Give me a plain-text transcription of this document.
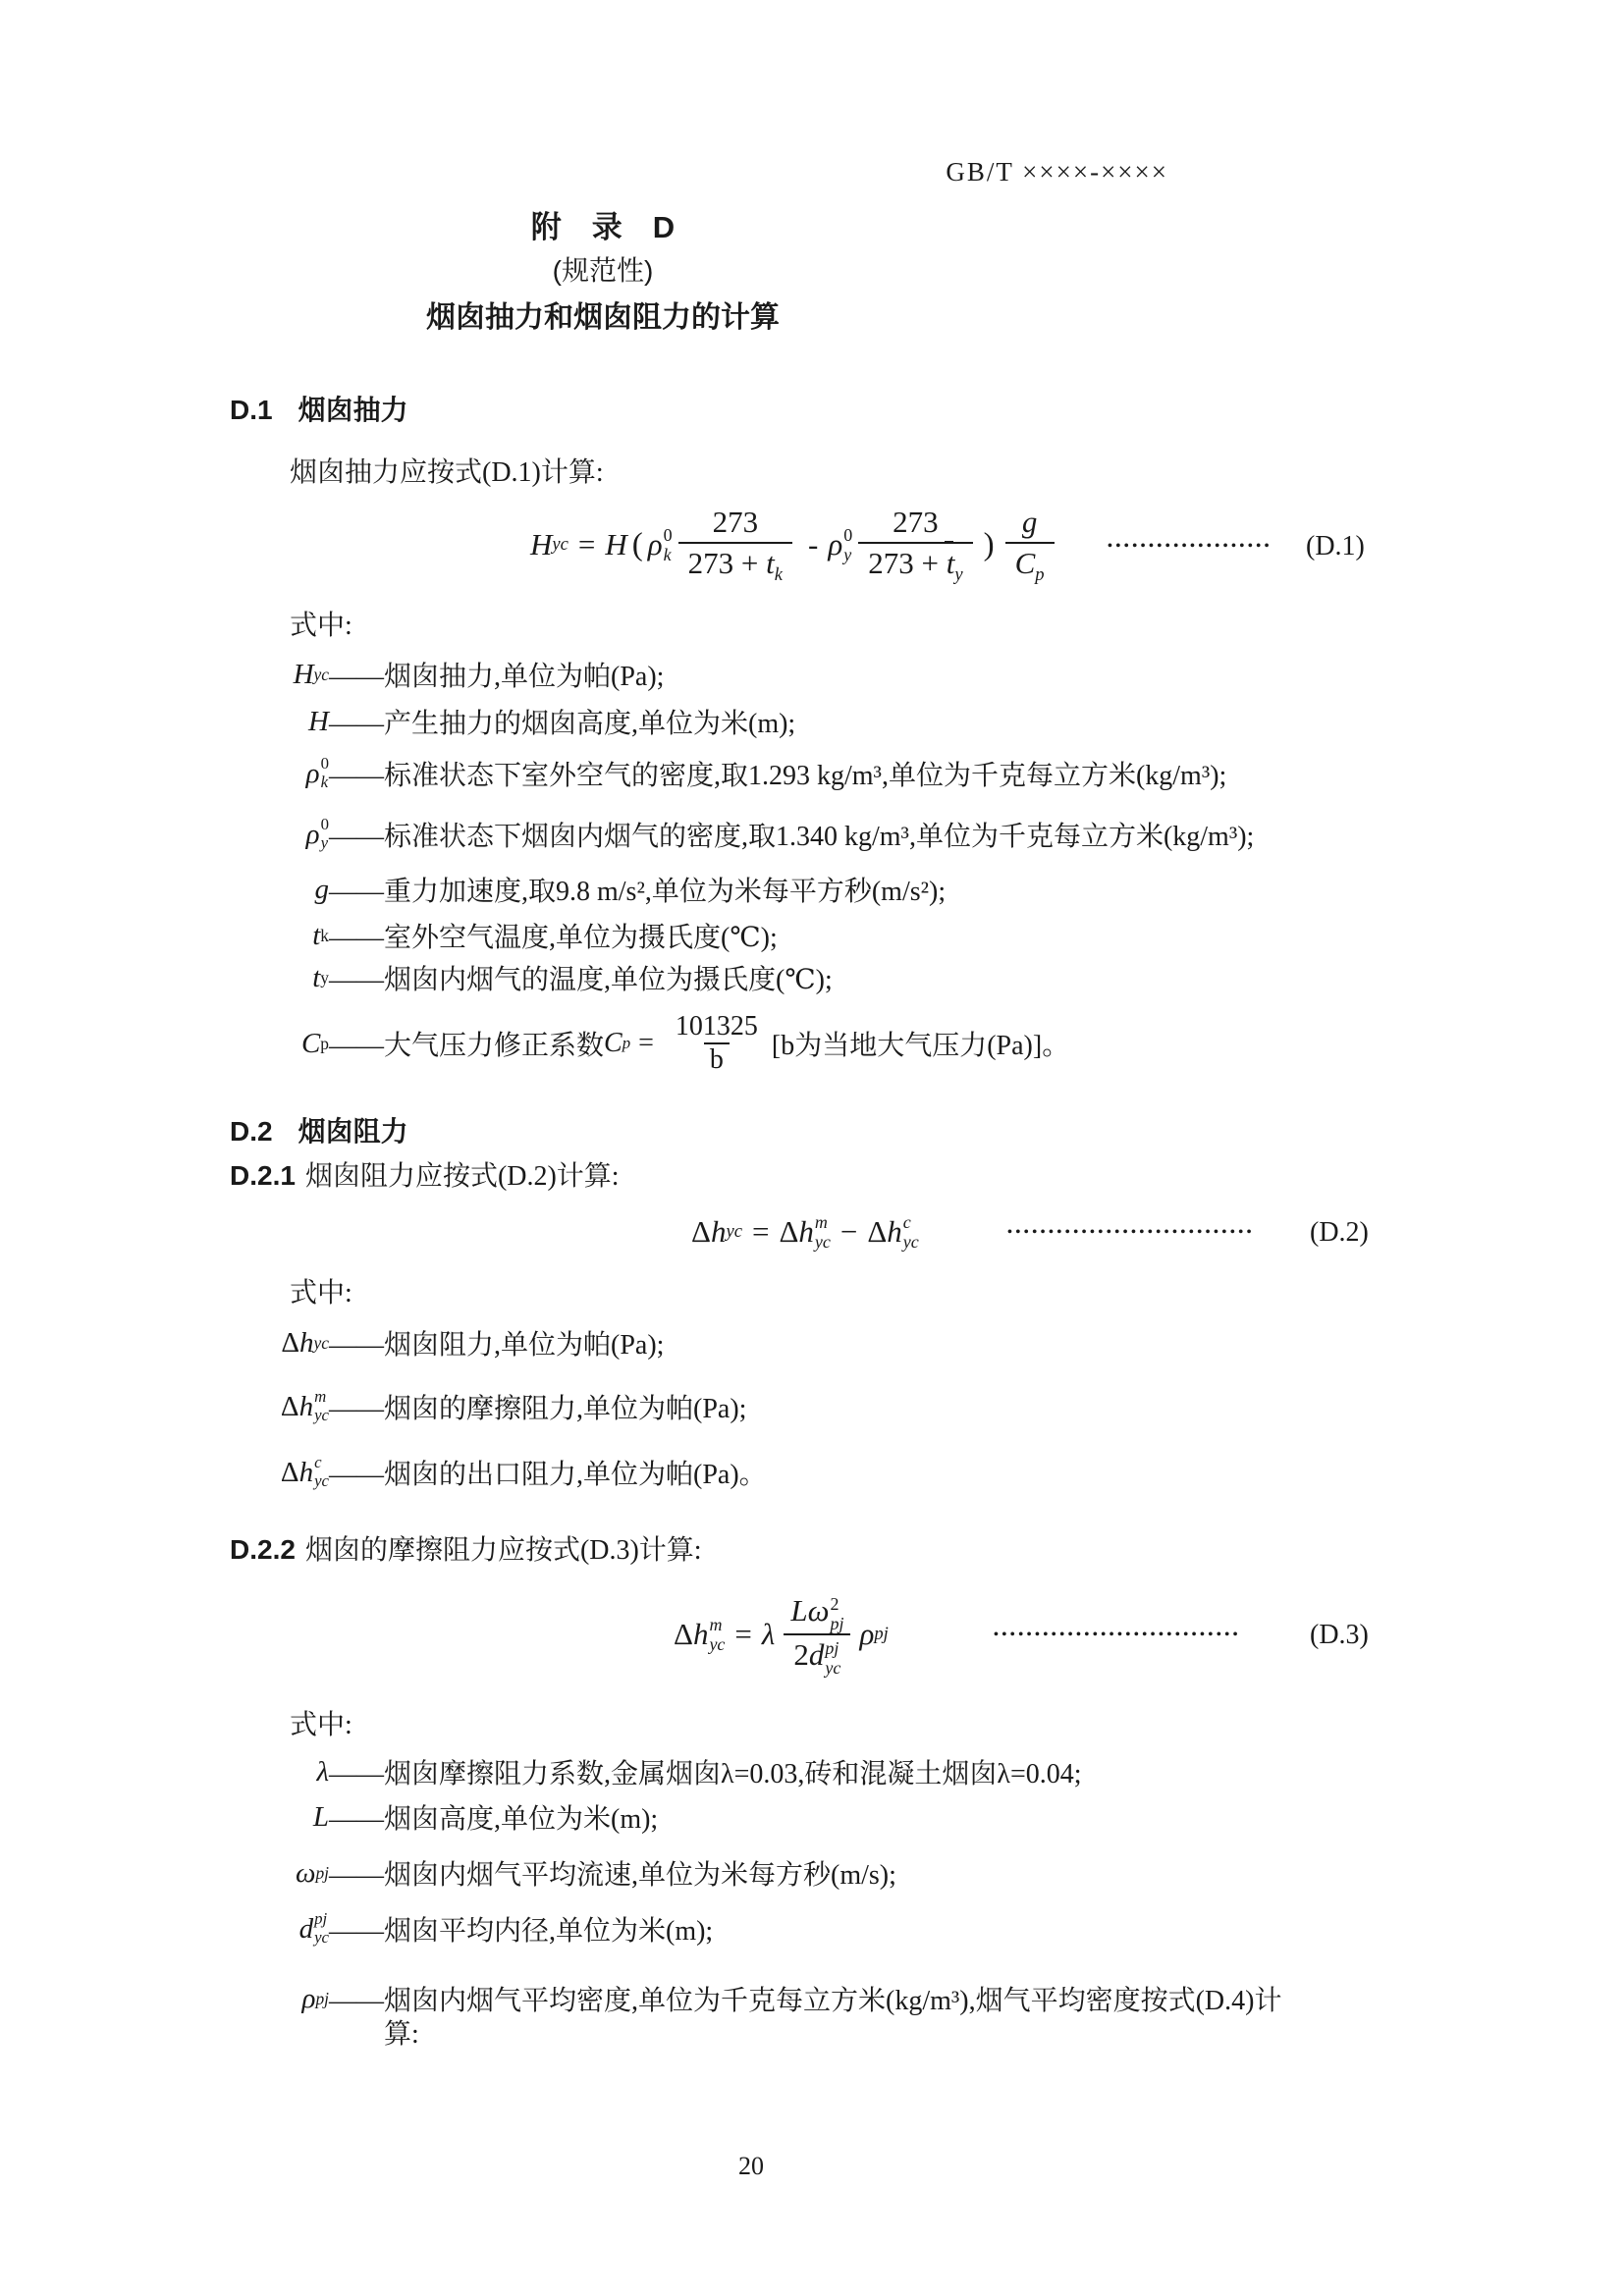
GB/T ××××-××××
附　录　D
(规范性)
烟囱抽力和烟囱阻力的计算
D.1 烟囱抽力
烟囱抽力应按式(D.1)计算:
H yc = H ( ρ 0
k $\frac{273}{273 + t_k}$ - ρ 0
y $\frac{273}{273 + t_y}$ ) $\frac{g}{C_p}$	•••••••••••••••••••• (D.1)
式中:
H yc ——烟囱抽力,单位为帕(Pa);
H ——产生抽力的烟囱高度,单位为米(m);
ρ 0
k ——标准状态下室外空气的密度,取1.293 kg/m³,单位为千克每立方米(kg/m³);
ρ 0
y ——标准状态下烟囱内烟气的密度,取1.340 kg/m³,单位为千克每立方米(kg/m³);
g ——重力加速度,取9.8 m/s²,单位为米每平方秒(m/s²);
t k ——室外空气温度,单位为摄氏度(℃);
t y ——烟囱内烟气的温度,单位为摄氏度(℃);
C p ——大气压力修正系数 C $p = \frac{101325}{b} [b$为当地大气压力(Pa)]。
D.2 烟囱阻力
D.2.1 烟囱阻力应按式(D.2)计算:
Δ h yc = Δ h m
yc − Δ h c
yc	•••••••••••••••••••••••••••••• (D.2)
式中:
Δ h yc ——烟囱阻力,单位为帕(Pa);
Δ h m
yc ——烟囱的摩擦阻力,单位为帕(Pa);
Δ h c
yc ——烟囱的出口阻力,单位为帕(Pa)。
D.2.2 烟囱的摩擦阻力应按式(D.3)计算:
Δ h m
yc = λ Lω 2
pj
2d pj
yc ρ pj	•••••••••••••••••••••••••••••• (D.3)
式中:
λ ——烟囱摩擦阻力系数,金属烟囱λ=0.03,砖和混凝土烟囱λ=0.04;
L ——烟囱高度,单位为米(m);
ω pj ——烟囱内烟气平均流速,单位为米每方秒(m/s);
d pj
yc ——烟囱平均内径,单位为米(m);
ρ pj ——烟囱内烟气平均密度,单位为千克每立方米(kg/m³),烟气平均密度按式(D.4)计
算:
20
